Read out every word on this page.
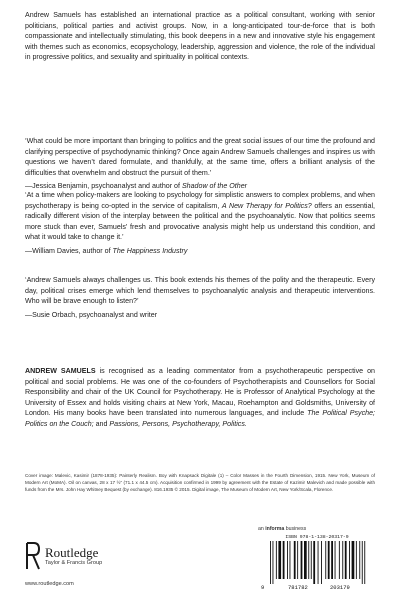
Andrew Samuels has established an international practice as a political consultant, working with senior politicians, political parties and activist groups. Now, in a long-anticipated tour-de-force that is both compassionate and intellectually stimulating, this book deepens in a new and innovative style his engagement with themes such as economics, ecopsychology, leadership, aggression and violence, the role of the individual in progressive politics, and sexuality and spirituality in political contexts.

‘What could be more important than bringing to politics and the great social issues of our time the profound and clarifying perspective of psychodynamic thinking? Once again Andrew Samuels challenges and inspires us with questions we haven’t dared formulate, and thankfully, at the same time, offers a brilliant analysis of the difficulties that overwhelm and obstruct the pursuit of them.’

—Jessica Benjamin, psychoanalyst and author of Shadow of the Other

‘At a time when policy-makers are looking to psychology for simplistic answers to complex problems, and when psychotherapy is being co-opted in the service of capitalism, A New Therapy for Politics? offers an essential, radically different vision of the interplay between the political and the psychoanalytic. Now that politics seems more stuck than ever, Samuels’ fresh and provocative analysis might help us understand this condition, and what it would take to change it.’

—William Davies, author of The Happiness Industry

‘Andrew Samuels always challenges us. This book extends his themes of the polity and the therapeutic. Every day, political crises emerge which lend themselves to psychoanalytic analysis and therapeutic interventions. Who will be brave enough to listen?’

—Susie Orbach, psychoanalyst and writer

ANDREW SAMUELS is recognised as a leading commentator from a psychotherapeutic perspective on political and social problems. He was one of the co-founders of Psychotherapists and Counsellors for Social Responsibility and chair of the UK Council for Psychotherapy. He is Professor of Analytical Psychology at the University of Essex and holds visiting chairs at New York, Macau, Roehampton and Goldsmiths, University of London. His many books have been translated into numerous languages, and include The Political Psyche; Politics on the Couch; and Passions, Persons, Psychotherapy, Politics.

Cover image: Malevic, Kasimir (1878-1935): Painterly Realism. Boy with Knapsack Digitale (1) – Color Masses in the Fourth Dimension, 1915. New York, Museum of Modern Art (MoMA). Oil on canvas, 28 x 17 ½” (71.1 x 44.5 cm). Acquisition confirmed in 1999 by agreement with the Estate of Kazimir Malevich and made possible with funds from the Mrs. John Hay Whitney Bequest (by exchange). 816.1935 © 2015. Digital image, The Museum of Modern Art, New York/Scala, Florence.

Routledge
Taylor & Francis Group
www.routledge.com
an informa business
ISBN 978-1-138-20317-9
9	781782	203179
